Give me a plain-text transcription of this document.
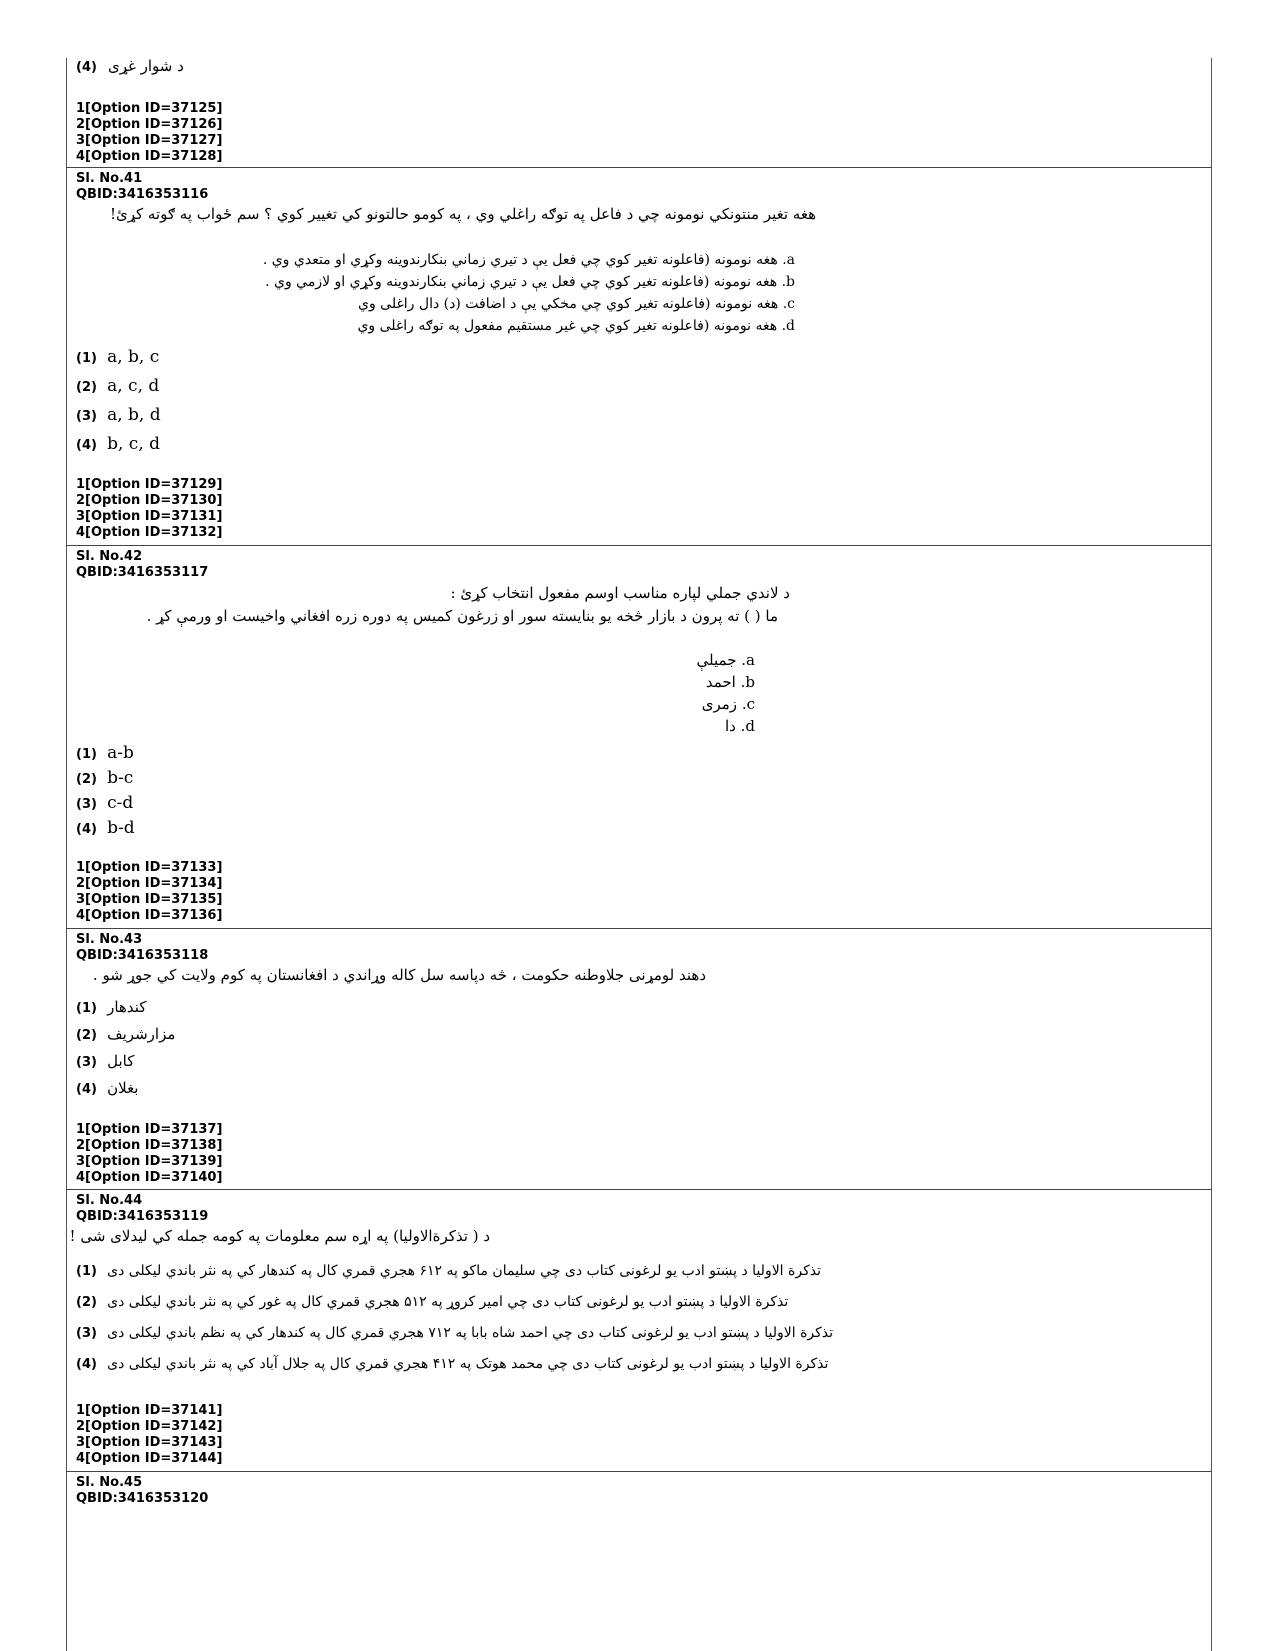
(4) د شوار غړی
1[Option ID=37125]
2[Option ID=37126]
3[Option ID=37127]
4[Option ID=37128]
Sl. No.41
QBID:3416353116
هغه تغير منتونكي نومونه چي د فاعل په توګه راغلي وي ، په كومو حالتونو كي تغيير كوي ؟ سم ځواب په ګوته كړئ!
a. هغه نومونه (فاعلونه تغير كوي چي فعل يې د تيري زماني بنكارندوينه وكړي او متعدي وي .
b. هغه نومونه (فاعلونه تغير كوي چي فعل يې د تيري زماني بنكارندوينه وكړي او لازمي وي .
c. هغه نومونه (فاعلونه تغير كوي چي مخكي يې د اضافت (د) دال راغلى وي
d. هغه نومونه (فاعلونه تغير كوي چي غير مستقيم مفعول په توګه راغلى وي
(1) a, b, c
(2) a, c, d
(3) a, b, d
(4) b, c, d
1[Option ID=37129]
2[Option ID=37130]
3[Option ID=37131]
4[Option ID=37132]
Sl. No.42
QBID:3416353117
د لاندي جملي لپاره مناسب اوسم مفعول انتخاب كړئ :
ما ( ) ته پرون د بازار څخه يو بنايسته سور او زرغون كميس په دوره زره افغاني واخيست او ورمې كړ .
a. جميلې
b. احمد
c. زمرى
d. دا
(1) a-b
(2) b-c
(3) c-d
(4) b-d
1[Option ID=37133]
2[Option ID=37134]
3[Option ID=37135]
4[Option ID=37136]
Sl. No.43
QBID:3416353118
دهند لومړنى جلاوطنه حكومت ، څه دپاسه سل كاله وړاندي د افغانستان په كوم ولايت كي جوړ شو .
(1) كندهار
(2) مزارشريف
(3) كابل
(4) بغلان
1[Option ID=37137]
2[Option ID=37138]
3[Option ID=37139]
4[Option ID=37140]
Sl. No.44
QBID:3416353119
د ( تذكرةالاوليا) په اړه سم معلومات په كومه جمله كي ليدلاى شى !
(1) تذكرة الاوليا د پښتو ادب يو لرغونى كتاب دى چي سليمان ماكو په ۶۱۲ هجري قمري كال په كندهار كي په نثر باندي ليكلى دى
(2) تذكرة الاوليا د پښتو ادب يو لرغونى كتاب دى چي امير كروړ په ۵۱۲ هجري قمري كال په غور كي په نثر باندي ليكلى دى
(3) تذكرة الاوليا د پښتو ادب يو لرغونى كتاب دى چي احمد شاه بابا په ۷۱۲ هجري قمري كال په كندهار كي په نظم باندي ليكلى دى
(4) تذكرة الاوليا د پښتو ادب يو لرغونى كتاب دى چي محمد هوتک په ۴۱۲ هجري قمري كال په جلال آباد كي په نثر باندي ليكلى دى
1[Option ID=37141]
2[Option ID=37142]
3[Option ID=37143]
4[Option ID=37144]
Sl. No.45
QBID:3416353120
